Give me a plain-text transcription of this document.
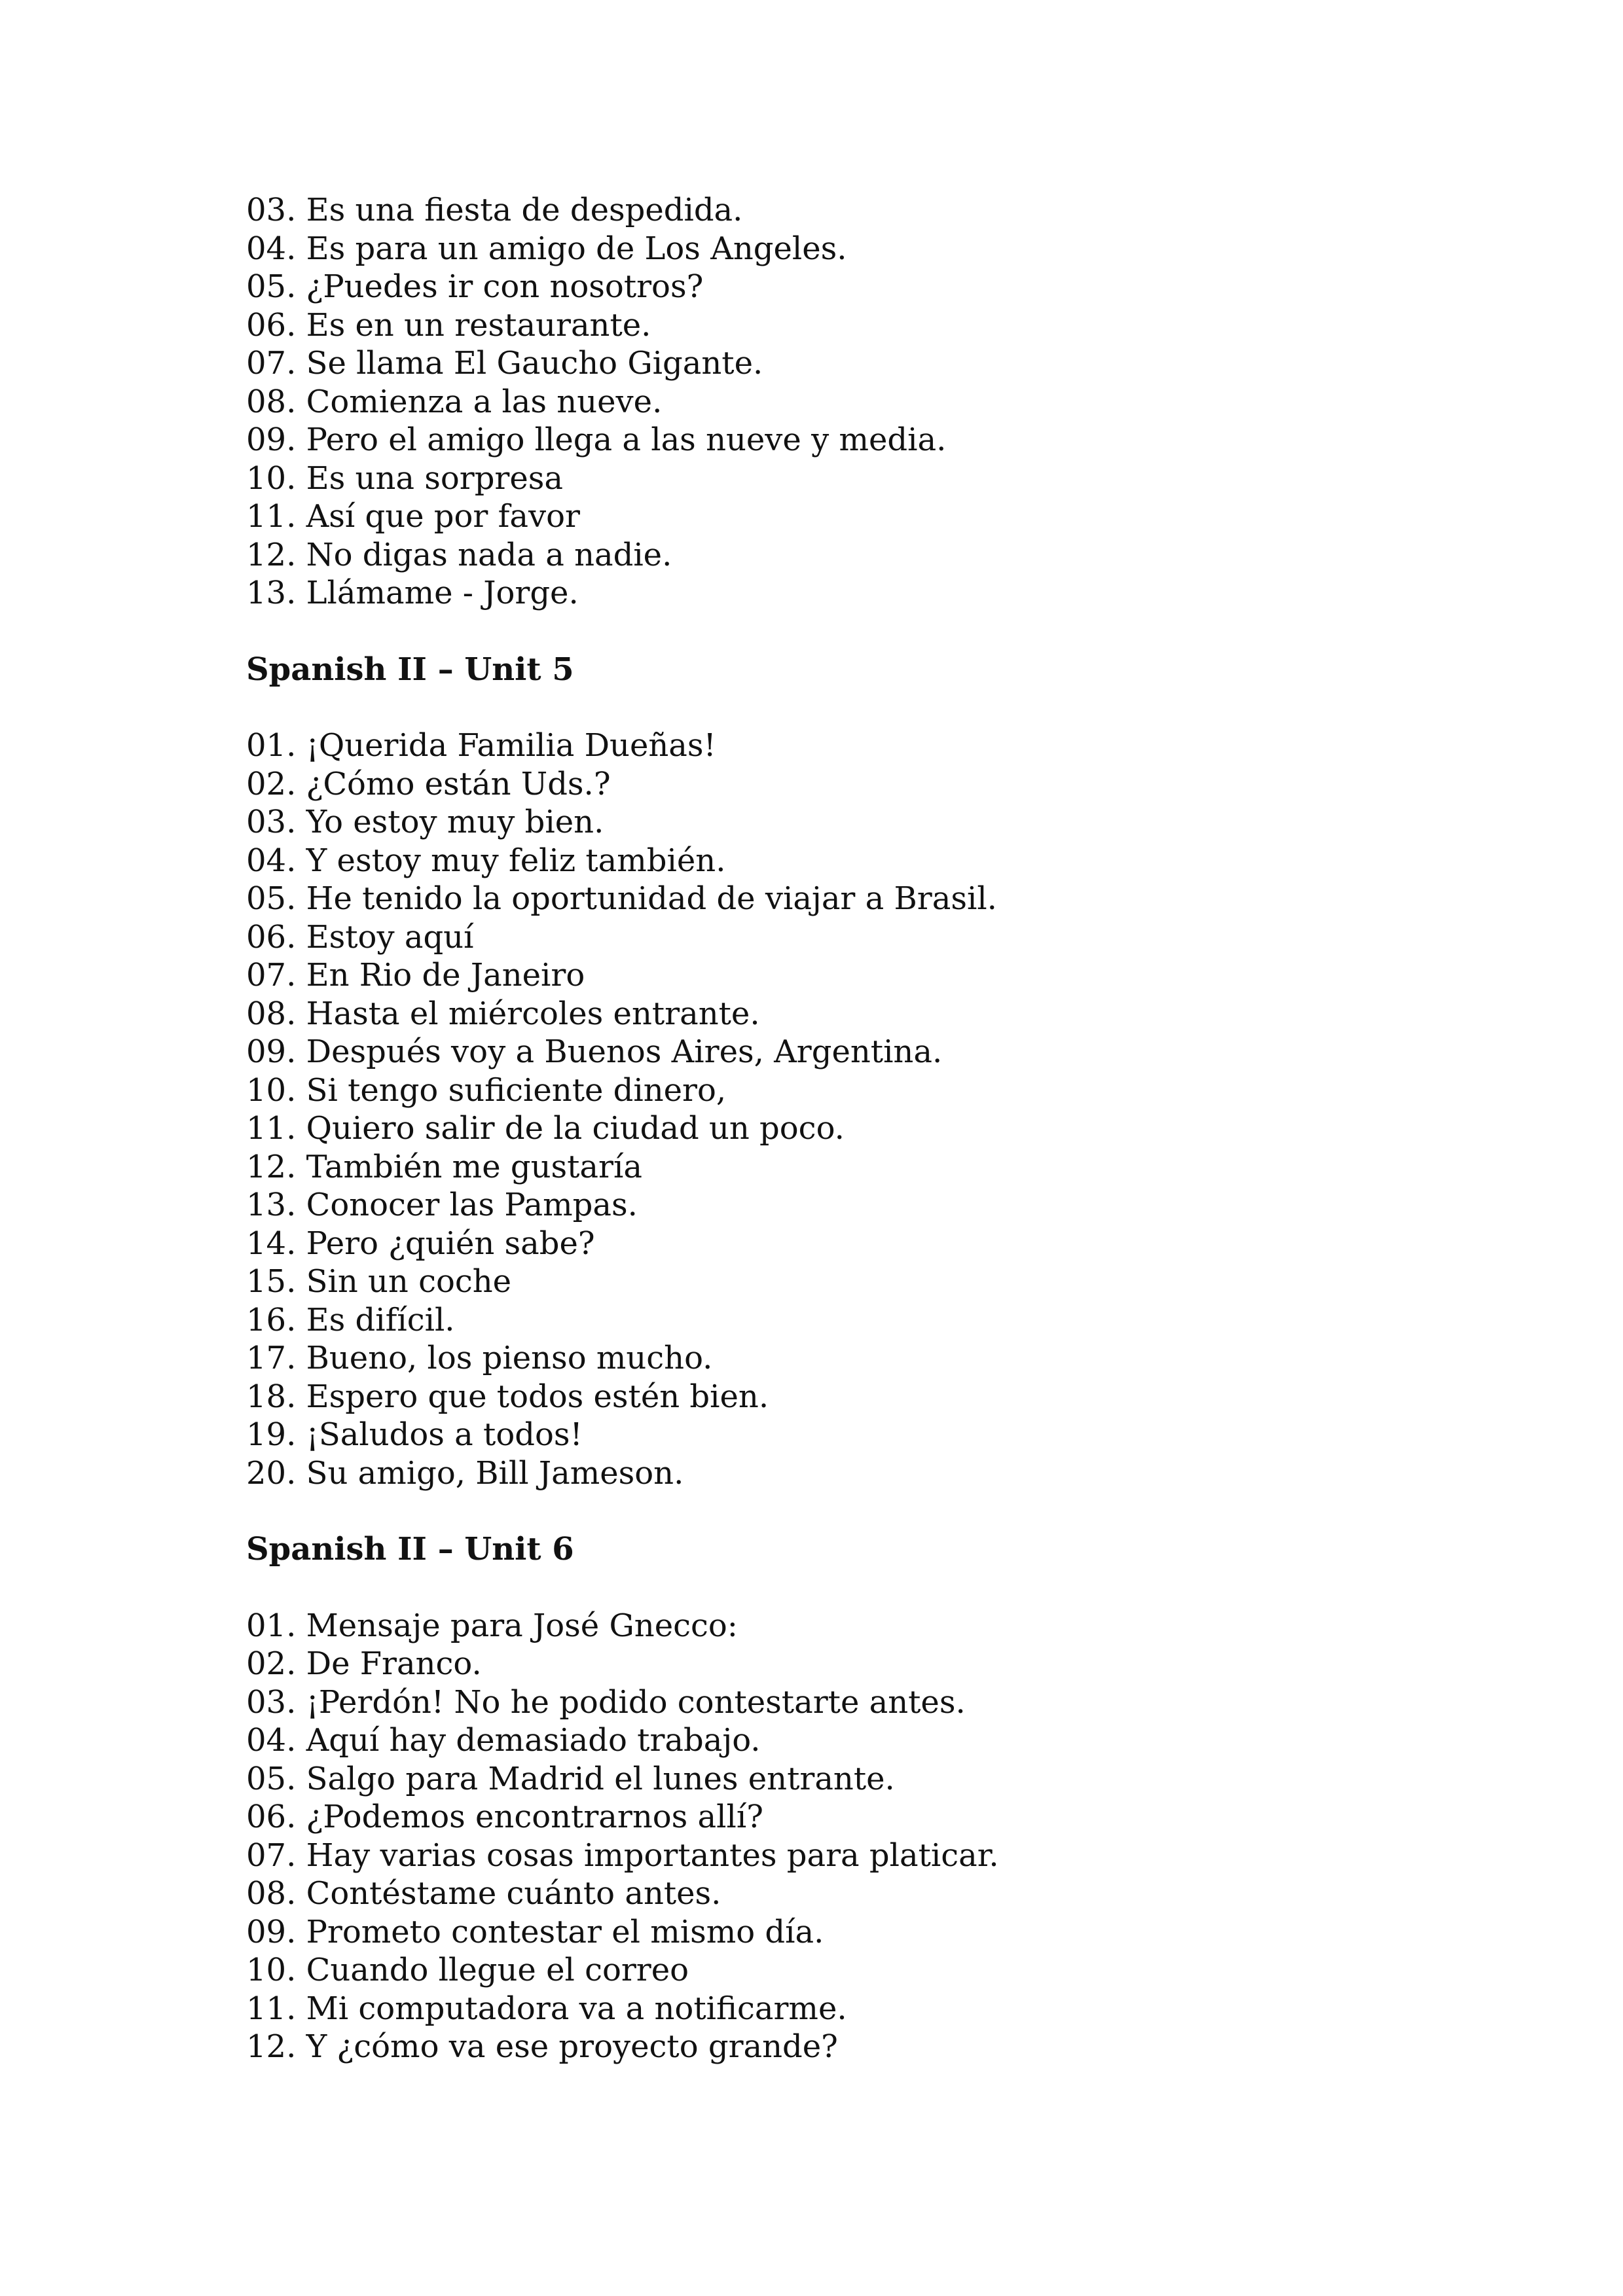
03. Es una fiesta de despedida.
04. Es para un amigo de Los Angeles.
05. ¿Puedes ir con nosotros?
06. Es en un restaurante.
07. Se llama El Gaucho Gigante.
08. Comienza a las nueve.
09. Pero el amigo llega a las nueve y media.
10. Es una sorpresa
11. Así que por favor
12. No digas nada a nadie.
13. Llámame - Jorge.
Spanish II – Unit 5
01. ¡Querida Familia Dueñas!
02. ¿Cómo están Uds.?
03. Yo estoy muy bien.
04. Y estoy muy feliz también.
05. He tenido la oportunidad de viajar a Brasil.
06. Estoy aquí
07. En Rio de Janeiro
08. Hasta el miércoles entrante.
09. Después voy a Buenos Aires, Argentina.
10. Si tengo suficiente dinero,
11. Quiero salir de la ciudad un poco.
12. También me gustaría
13. Conocer las Pampas.
14. Pero ¿quién sabe?
15. Sin un coche
16. Es difícil.
17. Bueno, los pienso mucho.
18. Espero que todos estén bien.
19. ¡Saludos a todos!
20. Su amigo, Bill Jameson.
Spanish II – Unit 6
01. Mensaje para José Gnecco:
02. De Franco.
03. ¡Perdón! No he podido contestarte antes.
04. Aquí hay demasiado trabajo.
05. Salgo para Madrid el lunes entrante.
06. ¿Podemos encontrarnos allí?
07. Hay varias cosas importantes para platicar.
08. Contéstame cuánto antes.
09. Prometo contestar el mismo día.
10. Cuando llegue el correo
11. Mi computadora va a notificarme.
12. Y ¿cómo va ese proyecto grande?
